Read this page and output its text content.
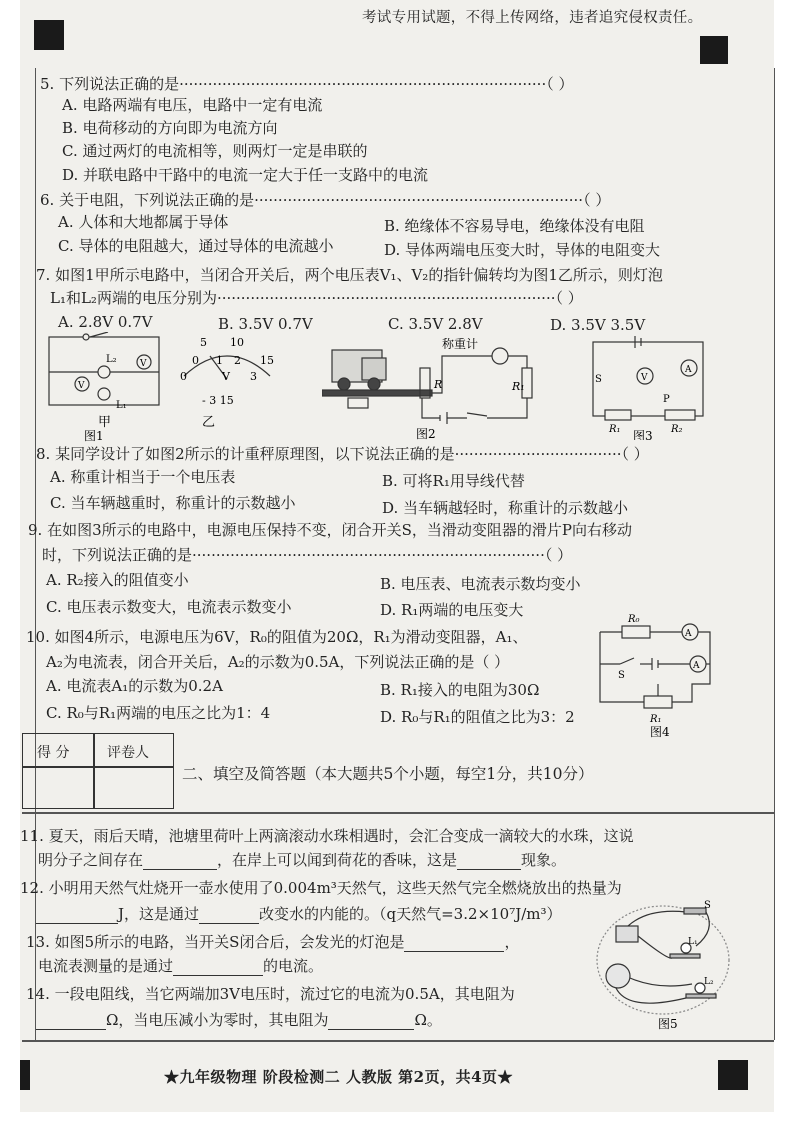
考试专用试题，不得上传网络，违者追究侵权责任。
5. 下列说法正确的是·············································································（ ）
A. 电路两端有电压，电路中一定有电流
B. 电荷移动的方向即为电流方向
C. 通过两灯的电流相等，则两灯一定是串联的
D. 并联电路中干路中的电流一定大于任一支路中的电流
6. 关于电阻，下列说法正确的是·····································································（ ）
A. 人体和大地都属于导体	B. 绝缘体不容易导电，绝缘体没有电阻
C. 导体的电阻越大，通过导体的电流越小	D. 导体两端电压变大时，导体的电阻变大
7. 如图1甲所示电路中，当闭合开关后，两个电压表V₁、V₂的指针偏转均为图1乙所示，则灯泡
L₁和L₂两端的电压分别为·······································································（ ）
A. 2.8V 0.7V	B. 3.5V 0.7V	C. 3.5V 2.8V	D. 3.5V 3.5V
V
V
L₂
L₁
甲
图1
5 10
0 1 2 15
0	V 3
- 3 15
乙
称重计
R	R₁
图2
V
A
S
P
R₁	R₂
图3
8. 某同学设计了如图2所示的计重秤原理图，以下说法正确的是···································（ ）
A. 称重计相当于一个电压表	B. 可将R₁用导线代替
C. 当车辆越重时，称重计的示数越小	D. 当车辆越轻时，称重计的示数越小
9. 在如图3所示的电路中，电源电压保持不变，闭合开关S，当滑动变阻器的滑片P向右移动
时，下列说法正确的是··········································································（ ）
A. R₂接入的阻值变小	B. 电压表、电流表示数均变小
C. 电压表示数变大，电流表示数变小	D. R₁两端的电压变大
10. 如图4所示，电源电压为6V，R₀的阻值为20Ω，R₁为滑动变阻器，A₁、
A₂为电流表，闭合开关后，A₂的示数为0.5A，下列说法正确的是（ ）
A. 电流表A₁的示数为0.2A	B. R₁接入的电阻为30Ω
C. R₀与R₁两端的电压之比为1：4	D. R₀与R₁的阻值之比为3：2
R₀
A
A
S
R₁
图4
得 分	评卷人
二、填空及简答题（本大题共5个小题，每空1分，共10分）
11. 夏天，雨后天晴，池塘里荷叶上两滴滚动水珠相遇时，会汇合变成一滴较大的水珠，这说
明分子之间存在	，在岸上可以闻到荷花的香味，这是	现象。
12. 小明用天然气灶烧开一壶水使用了0.004m³天然气，这些天然气完全燃烧放出的热量为
J，这是通过	改变水的内能的。（q天然气=3.2×10⁷J/m³）
13. 如图5所示的电路，当开关S闭合后，会发光的灯泡是	，
电流表测量的是通过	的电流。
14. 一段电阻线，当它两端加3V电压时，流过它的电流为0.5A，其电阻为
Ω，当电压减小为零时，其电阻为	Ω。
S
L₁
L₂
图5
★九年级物理 阶段检测二 人教版 第2页，共4页★
